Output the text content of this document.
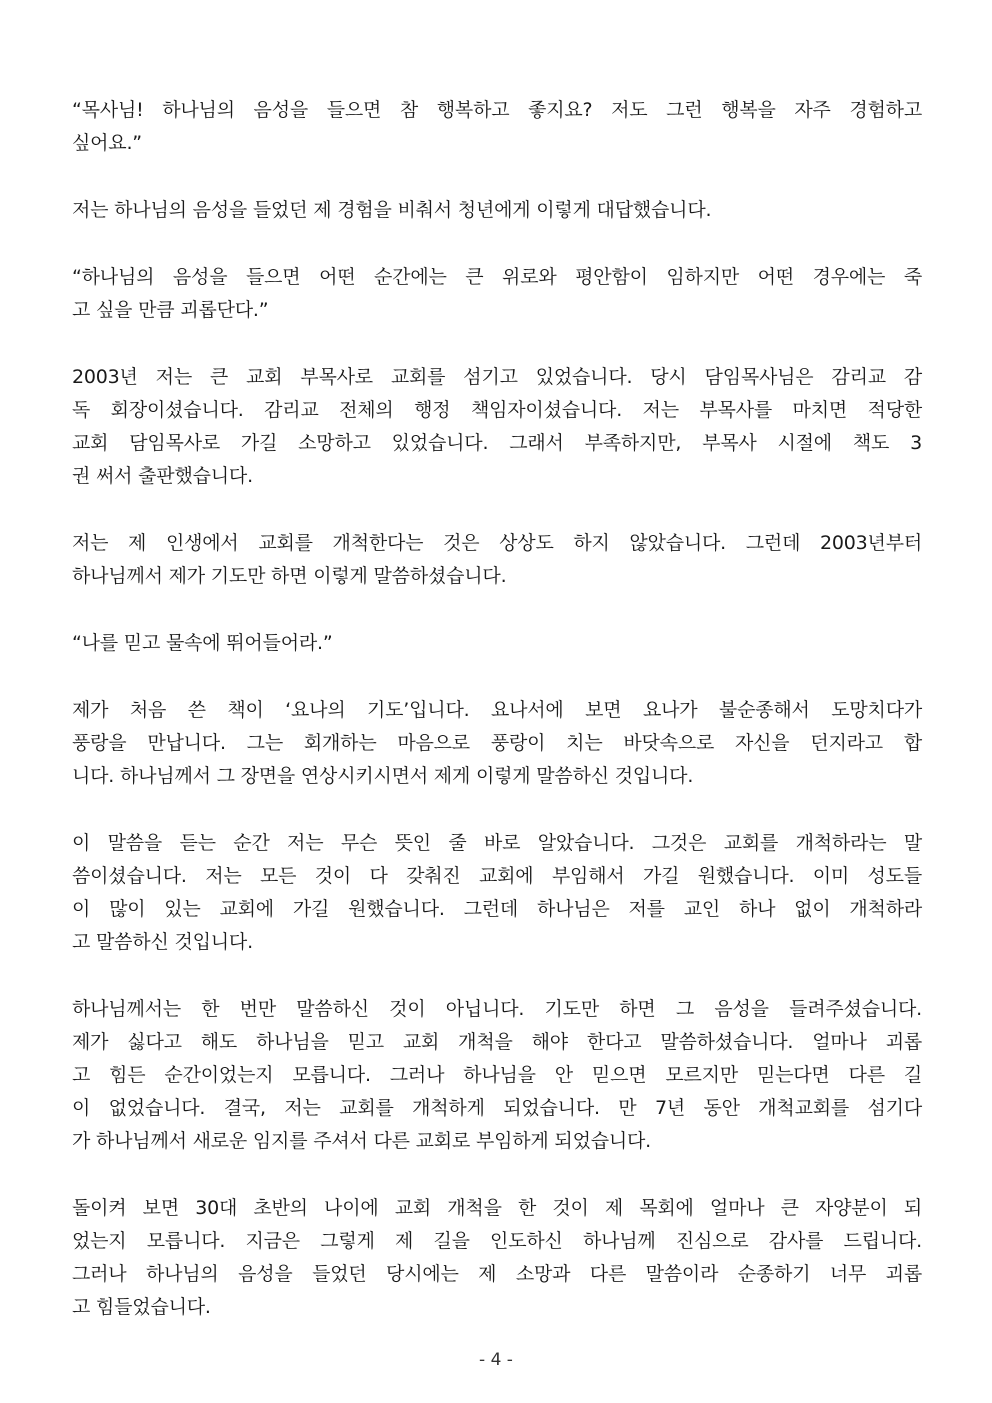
“목사님! 하나님의 음성을 들으면 참 행복하고 좋지요? 저도 그런 행복을 자주 경험하고
싶어요.”

저는 하나님의 음성을 들었던 제 경험을 비춰서 청년에게 이렇게 대답했습니다.

“하나님의 음성을 들으면 어떤 순간에는 큰 위로와 평안함이 임하지만 어떤 경우에는 죽
고 싶을 만큼 괴롭단다.”

2003년 저는 큰 교회 부목사로 교회를 섬기고 있었습니다. 당시 담임목사님은 감리교 감
독 회장이셨습니다. 감리교 전체의 행정 책임자이셨습니다. 저는 부목사를 마치면 적당한
교회 담임목사로 가길 소망하고 있었습니다. 그래서 부족하지만, 부목사 시절에 책도 3
권 써서 출판했습니다.

저는 제 인생에서 교회를 개척한다는 것은 상상도 하지 않았습니다. 그런데 2003년부터
하나님께서 제가 기도만 하면 이렇게 말씀하셨습니다.

“나를 믿고 물속에 뛰어들어라.”

제가 처음 쓴 책이 ‘요나의 기도’입니다. 요나서에 보면 요나가 불순종해서 도망치다가
풍랑을 만납니다. 그는 회개하는 마음으로 풍랑이 치는 바닷속으로 자신을 던지라고 합
니다. 하나님께서 그 장면을 연상시키시면서 제게 이렇게 말씀하신 것입니다.

이 말씀을 듣는 순간 저는 무슨 뜻인 줄 바로 알았습니다. 그것은 교회를 개척하라는 말
씀이셨습니다. 저는 모든 것이 다 갖춰진 교회에 부임해서 가길 원했습니다. 이미 성도들
이 많이 있는 교회에 가길 원했습니다. 그런데 하나님은 저를 교인 하나 없이 개척하라
고 말씀하신 것입니다.

하나님께서는 한 번만 말씀하신 것이 아닙니다. 기도만 하면 그 음성을 들려주셨습니다.
제가 싫다고 해도 하나님을 믿고 교회 개척을 해야 한다고 말씀하셨습니다. 얼마나 괴롭
고 힘든 순간이었는지 모릅니다. 그러나 하나님을 안 믿으면 모르지만 믿는다면 다른 길
이 없었습니다. 결국, 저는 교회를 개척하게 되었습니다. 만 7년 동안 개척교회를 섬기다
가 하나님께서 새로운 임지를 주셔서 다른 교회로 부임하게 되었습니다.

돌이켜 보면 30대 초반의 나이에 교회 개척을 한 것이 제 목회에 얼마나 큰 자양분이 되
었는지 모릅니다. 지금은 그렇게 제 길을 인도하신 하나님께 진심으로 감사를 드립니다.
그러나 하나님의 음성을 들었던 당시에는 제 소망과 다른 말씀이라 순종하기 너무 괴롭
고 힘들었습니다.

- 4 -
